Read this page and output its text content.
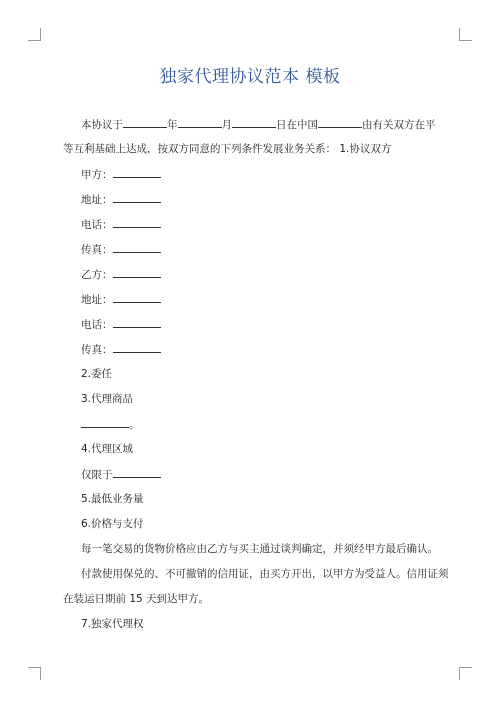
独家代理协议范本 模板
本协议于	年	月	日在中国	由有关双方在平
等互利基础上达成，按双方同意的下列条件发展业务关系： 1.协议双方
甲方：
地址：
电话：
传真：
乙方：
地址：
电话：
传真：
2.委任
3.代理商品
。
4.代理区域
仅限于
5.最低业务量
6.价格与支付
每一笔交易的货物价格应由乙方与买主通过谈判确定，并须经甲方最后确认。
付款使用保兑的、不可撤销的信用证，由买方开出，以甲方为受益人。信用证须
在装运日期前 15 天到达甲方。
7.独家代理权
